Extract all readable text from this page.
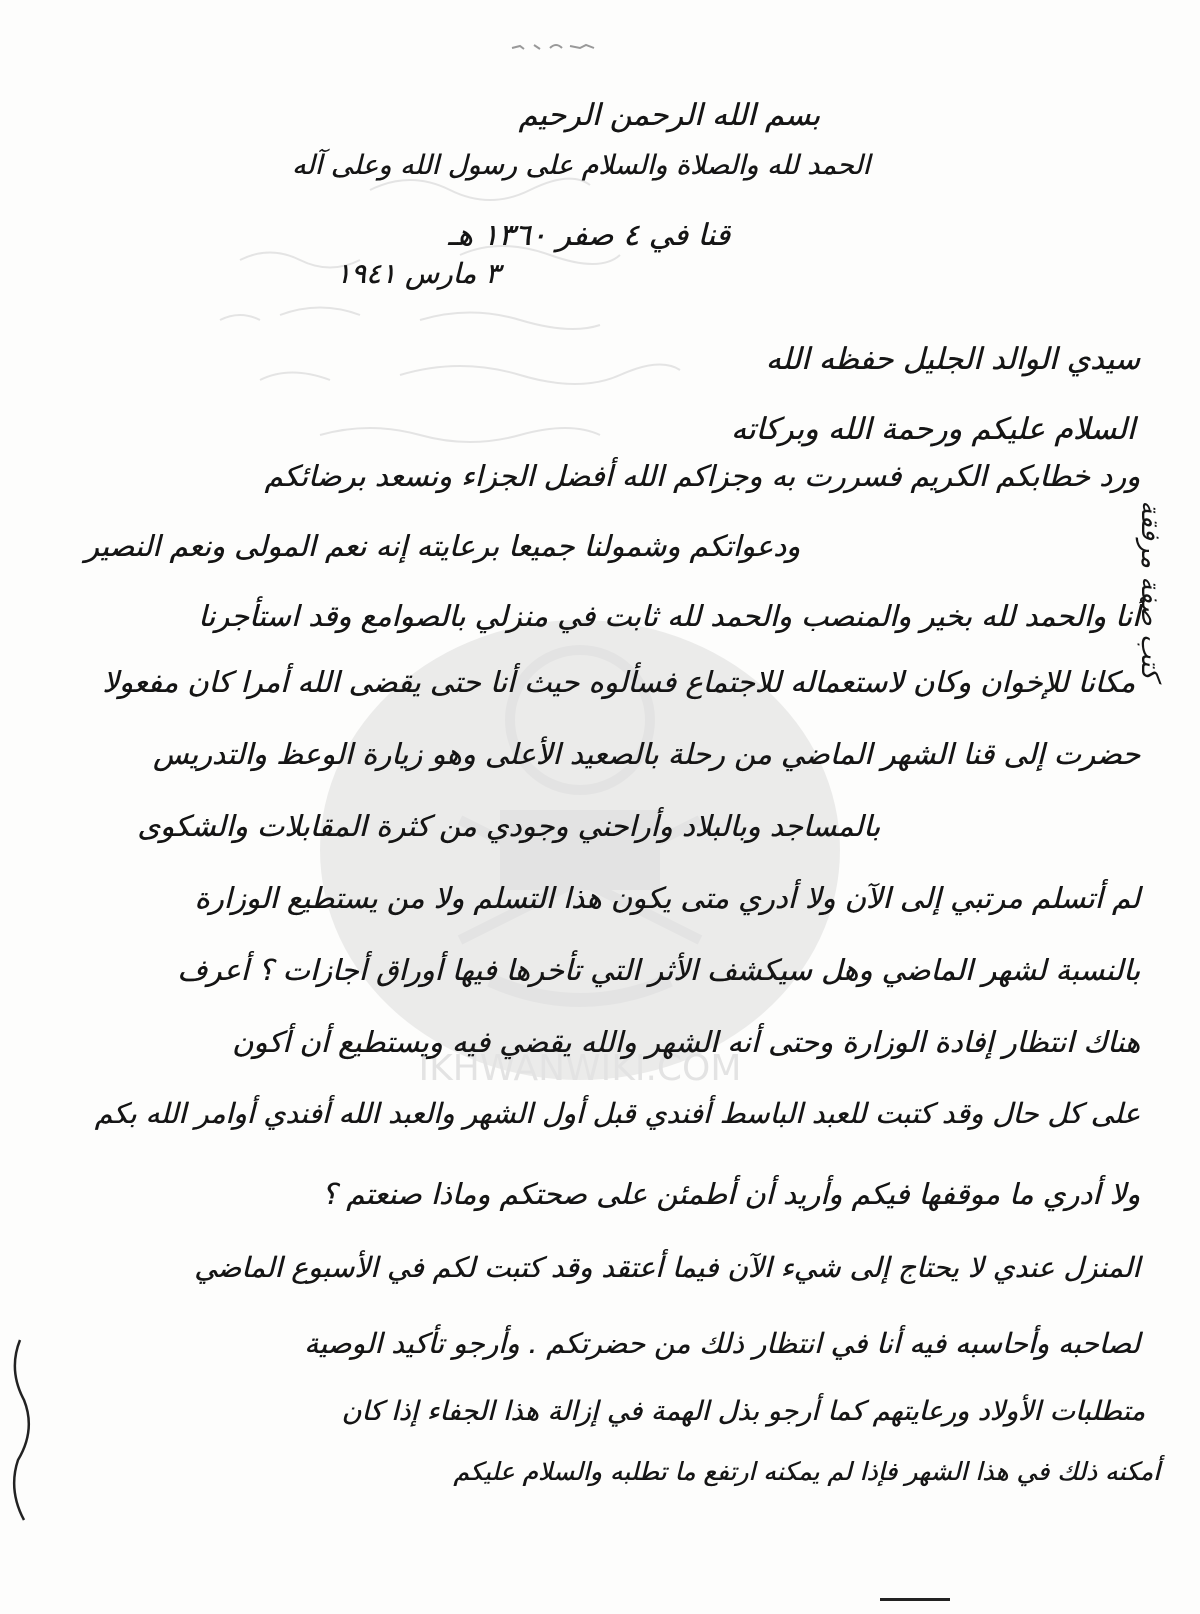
IKHWANWIKI.COM
بسم الله الرحمن الرحيم
الحمد لله والصلاة والسلام على رسول الله وعلى آله
قنا في ٤ صفر ١٣٦٠ هـ
٣ مارس ١٩٤١
سيدي الوالد الجليل حفظه الله
السلام عليكم ورحمة الله وبركاته
ورد خطابكم الكريم فسررت به وجزاكم الله أفضل الجزاء ونسعد برضائكم
ودعواتكم وشمولنا جميعا برعايته إنه نعم المولى ونعم النصير
أنا والحمد لله بخير والمنصب والحمد لله ثابت في منزلي بالصوامع وقد استأجرنا
مكانا للإخوان وكان لاستعماله للاجتماع فسألوه حيث أنا حتى يقضى الله أمرا كان مفعولا
حضرت إلى قنا الشهر الماضي من رحلة بالصعيد الأعلى وهو زيارة الوعظ والتدريس
بالمساجد وبالبلاد وأراحني وجودي من كثرة المقابلات والشكوى
لم أتسلم مرتبي إلى الآن ولا أدري متى يكون هذا التسلم ولا من يستطيع الوزارة
بالنسبة لشهر الماضي وهل سيكشف الأثر التي تأخرها فيها أوراق أجازات ؟ أعرف
هناك انتظار إفادة الوزارة وحتى أنه الشهر والله يقضي فيه ويستطيع أن أكون
على كل حال وقد كتبت للعبد الباسط أفندي قبل أول الشهر والعبد الله أفندي أوامر الله بكم
ولا أدري ما موقفها فيكم وأريد أن أطمئن على صحتكم وماذا صنعتم ؟
المنزل عندي لا يحتاج إلى شيء الآن فيما أعتقد وقد كتبت لكم في الأسبوع الماضي
لصاحبه وأحاسبه فيه أنا في انتظار ذلك من حضرتكم . وأرجو تأكيد الوصية
متطلبات الأولاد ورعايتهم كما أرجو بذل الهمة في إزالة هذا الجفاء إذا كان
أمكنه ذلك في هذا الشهر فإذا لم يمكنه ارتفع ما تطلبه والسلام عليكم
كتب صفة مرفقة
